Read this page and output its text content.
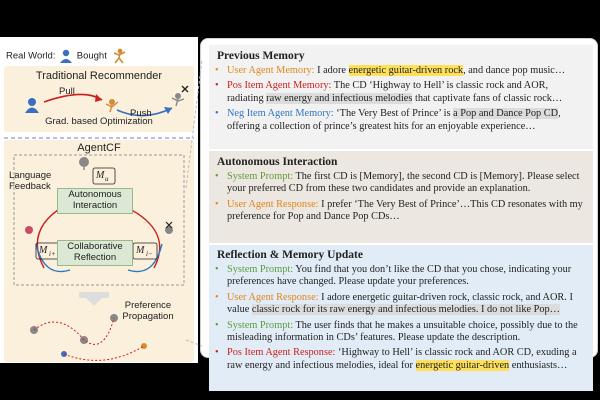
Real World: Bought
Traditional Recommender
Pull
Push
Grad. based Optimization
AgentCF
M u
M i+	M i−
Language Feedback
Autonomous Interaction
Collaborative Reflection
Preference Propagation
Previous Memory
• User Agent Memory: I adore energetic guitar-driven rock, and dance pop music…
• Pos Item Agent Memory: The CD ‘Highway to Hell’ is classic rock and AOR, radiating raw energy and infectious melodies that captivate fans of classic rock…
• Neg Item Agent Memory: ‘The Very Best of Prince’ is a Pop and Dance Pop CD, offering a collection of prince’s greatest hits for an enjoyable experience…
Autonomous Interaction
• System Prompt: The first CD is [Memory], the second CD is [Memory]. Please select your preferred CD from these two candidates and provide an explanation.
• User Agent Response: I prefer ‘The Very Best of Prince’…This CD resonates with my preference for Pop and Dance Pop CDs…
Reflection & Memory Update
• System Prompt: You find that you don’t like the CD that you chose, indicating your preferences have changed. Please update your preferences.
• User Agent Response: I adore energetic guitar-driven rock, classic rock, and AOR. I value classic rock for its raw energy and infectious melodies. I do not like Pop…
• System Prompt: The user finds that he makes a unsuitable choice, possibly due to the misleading information in CDs’ features. Please update the description.
• Pos Item Agent Response: ‘Highway to Hell’ is classic rock and AOR CD, exuding a raw energy and infectious melodies, ideal for energetic guitar-driven enthusiasts…
